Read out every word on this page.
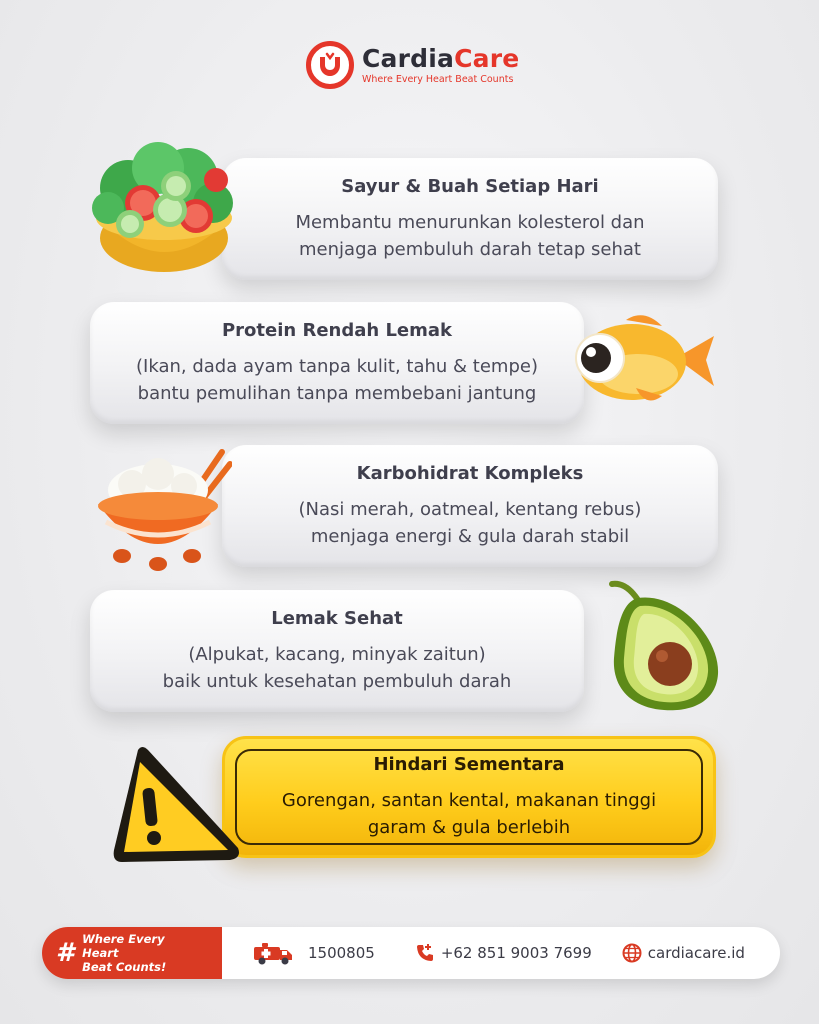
CardiaCare
Where Every Heart Beat Counts
Sayur & Buah Setiap Hari
Membantu menurunkan kolesterol dan
menjaga pembuluh darah tetap sehat
Protein Rendah Lemak
(Ikan, dada ayam tanpa kulit, tahu & tempe)
bantu pemulihan tanpa membebani jantung
Karbohidrat Kompleks
(Nasi merah, oatmeal, kentang rebus)
menjaga energi & gula darah stabil
Lemak Sehat
(Alpukat, kacang, minyak zaitun)
baik untuk kesehatan pembuluh darah
Hindari Sementara
Gorengan, santan kental, makanan tinggi
garam & gula berlebih
# Where Every Heart
Beat Counts!
1500805	+62 851 9003 7699	cardiacare.id
